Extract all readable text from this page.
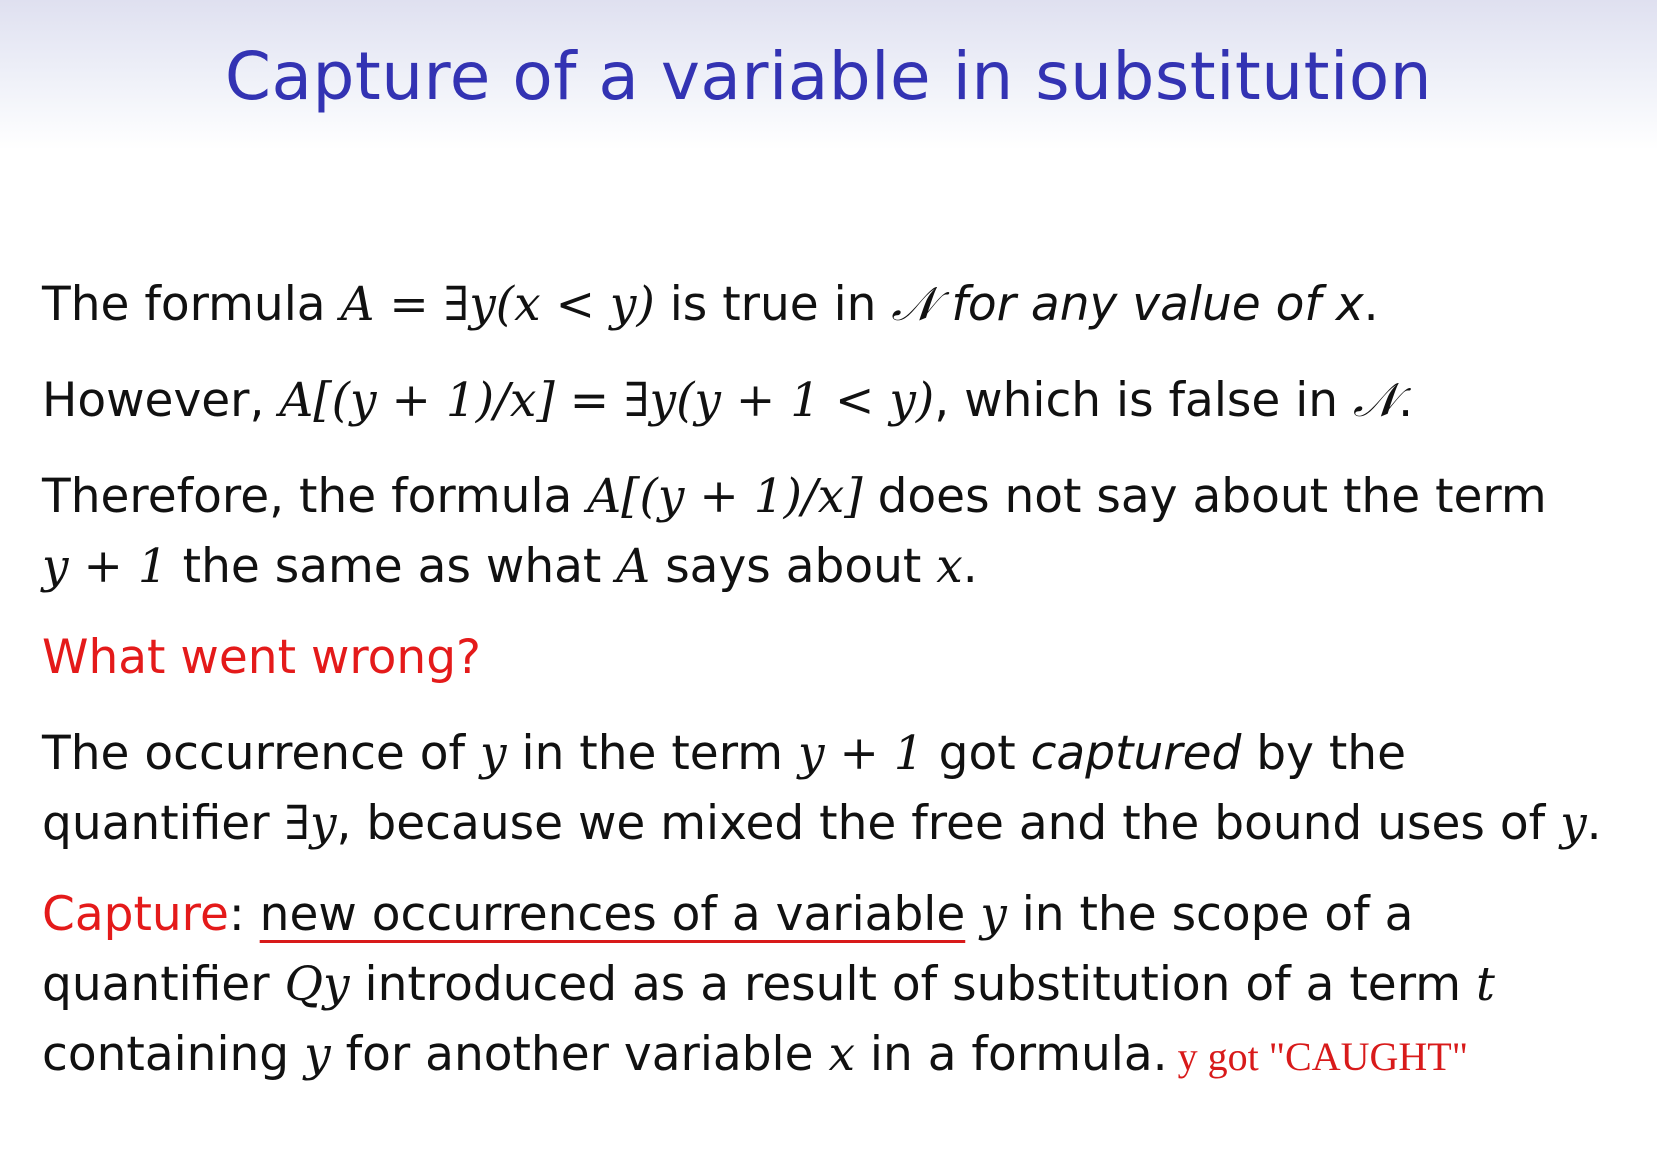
Capture of a variable in substitution
The formula A = ∃y(x < y) is true in 𝒩 for any value of x.
However, A[(y + 1)/x] = ∃y(y + 1 < y), which is false in 𝒩.
Therefore, the formula A[(y + 1)/x] does not say about the term
y + 1 the same as what A says about x.
What went wrong?
The occurrence of y in the term y + 1 got captured by the
quantifier ∃y, because we mixed the free and the bound uses of y.
Capture: new occurrences of a variable y in the scope of a
quantifier Qy introduced as a result of substitution of a term t
containing y for another variable x in a formula. y got "CAUGHT"
